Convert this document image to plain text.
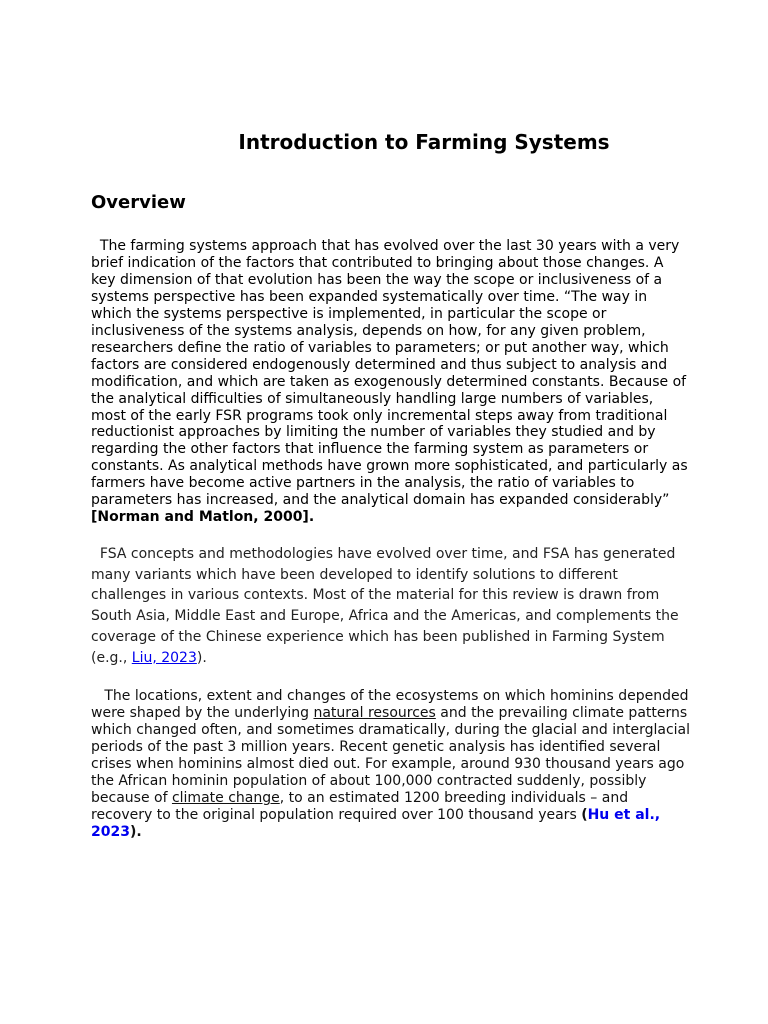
Introduction to Farming Systems
Overview

The farming systems approach that has evolved over the last 30 years with a very brief indication of the factors that contributed to bringing about those changes. A key dimension of that evolution has been the way the scope or inclusiveness of a systems perspective has been expanded systematically over time. “The way in which the systems perspective is implemented, in particular the scope or inclusiveness of the systems analysis, depends on how, for any given problem, researchers define the ratio of variables to parameters; or put another way, which factors are considered endogenously determined and thus subject to analysis and modification, and which are taken as exogenously determined constants. Because of the analytical difficulties of simultaneously handling large numbers of variables, most of the early FSR programs took only incremental steps away from traditional reductionist approaches by limiting the number of variables they studied and by regarding the other factors that influence the farming system as parameters or constants. As analytical methods have grown more sophisticated, and particularly as farmers have become active partners in the analysis, the ratio of variables to parameters has increased, and the analytical domain has expanded considerably” [Norman and Matlon, 2000].

FSA concepts and methodologies have evolved over time, and FSA has generated many variants which have been developed to identify solutions to different challenges in various contexts. Most of the material for this review is drawn from South Asia, Middle East and Europe, Africa and the Americas, and complements the coverage of the Chinese experience which has been published in Farming System (e.g., Liu, 2023).

The locations, extent and changes of the ecosystems on which hominins depended were shaped by the underlying natural resources and the prevailing climate patterns which changed often, and sometimes dramatically, during the glacial and interglacial periods of the past 3 million years. Recent genetic analysis has identified several crises when hominins almost died out. For example, around 930 thousand years ago the African hominin population of about 100,000 contracted suddenly, possibly because of climate change, to an estimated 1200 breeding individuals – and recovery to the original population required over 100 thousand years (Hu et al., 2023).
